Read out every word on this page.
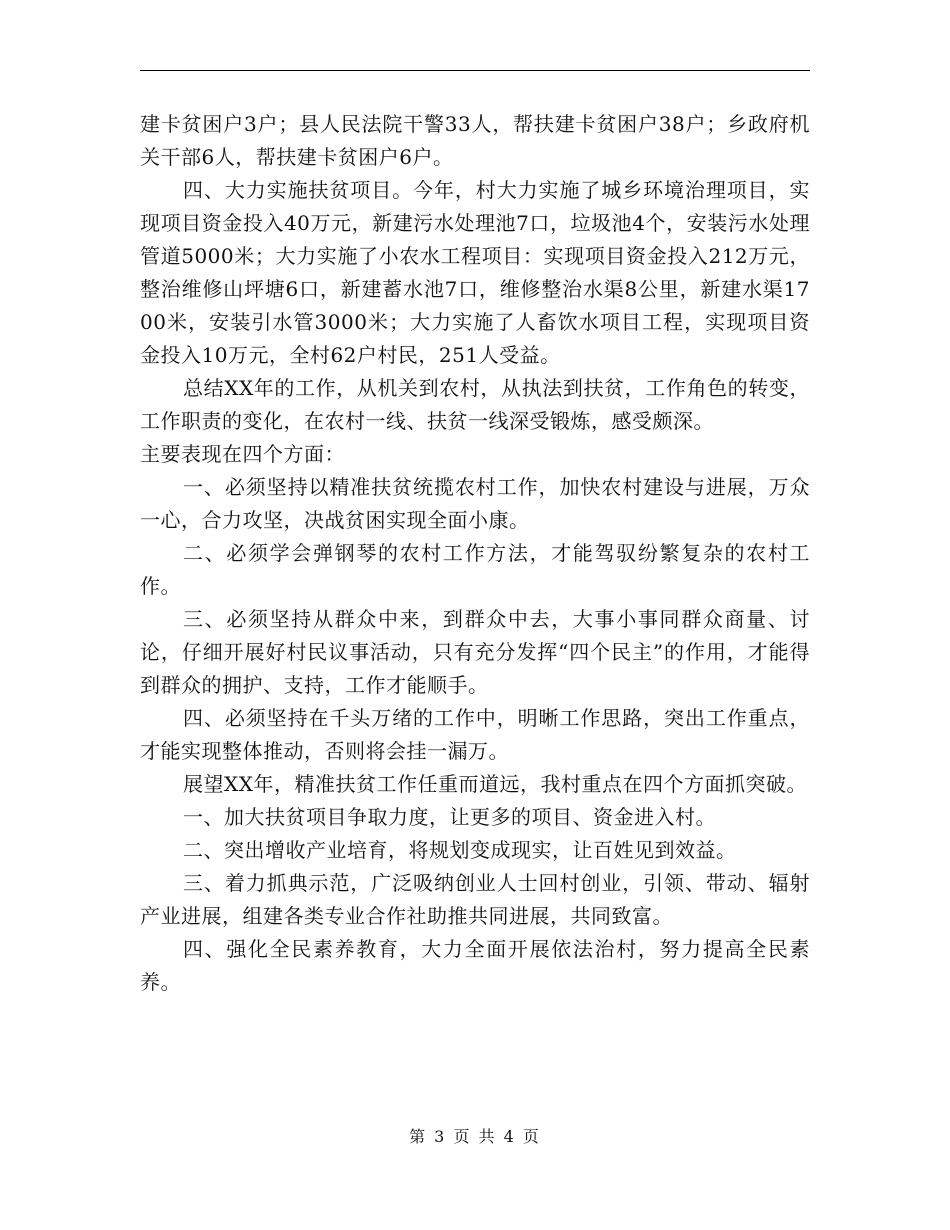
建卡贫困户3户；县人民法院干警33人，帮扶建卡贫困户38户；乡政府机关干部6人，帮扶建卡贫困户6户。

四、大力实施扶贫项目。今年，村大力实施了城乡环境治理项目，实现项目资金投入40万元，新建污水处理池7口，垃圾池4个，安装污水处理管道5000米；大力实施了小农水工程项目：实现项目资金投入212万元，整治维修山坪塘6口，新建蓄水池7口，维修整治水渠8公里，新建水渠1700米，安装引水管3000米；大力实施了人畜饮水项目工程，实现项目资金投入10万元，全村62户村民，251人受益。

总结XX年的工作，从机关到农村，从执法到扶贫，工作角色的转变，工作职责的变化，在农村一线、扶贫一线深受锻炼，感受颇深。

主要表现在四个方面：

一、必须坚持以精准扶贫统揽农村工作，加快农村建设与进展，万众一心，合力攻坚，决战贫困实现全面小康。

二、必须学会弹钢琴的农村工作方法，才能驾驭纷繁复杂的农村工作。

三、必须坚持从群众中来，到群众中去，大事小事同群众商量、讨论，仔细开展好村民议事活动，只有充分发挥“四个民主”的作用，才能得到群众的拥护、支持，工作才能顺手。

四、必须坚持在千头万绪的工作中，明晰工作思路，突出工作重点，才能实现整体推动，否则将会挂一漏万。

展望XX年，精准扶贫工作任重而道远，我村重点在四个方面抓突破。

一、加大扶贫项目争取力度，让更多的项目、资金进入村。

二、突出增收产业培育，将规划变成现实，让百姓见到效益。

三、着力抓典示范，广泛吸纳创业人士回村创业，引领、带动、辐射产业进展，组建各类专业合作社助推共同进展，共同致富。

四、强化全民素养教育，大力全面开展依法治村，努力提高全民素养。

第 3 页 共 4 页
